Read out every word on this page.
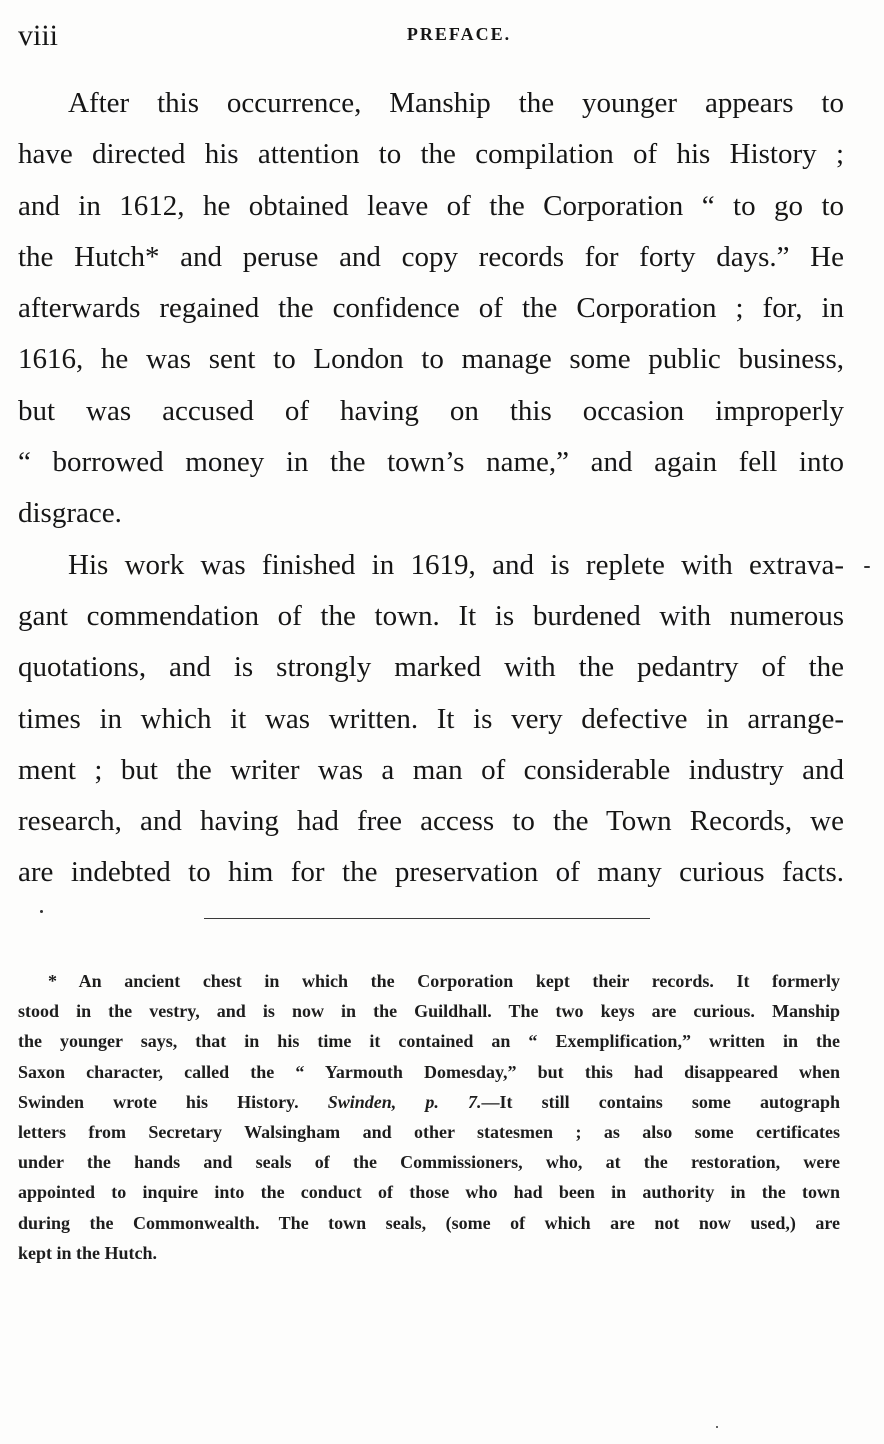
viii	PREFACE.
After this occurrence, Manship the younger appears to
have directed his attention to the compilation of his History ;
and in 1612, he obtained leave of the Corporation “ to go to
the Hutch* and peruse and copy records for forty days.” He
afterwards regained the confidence of the Corporation ; for, in
1616, he was sent to London to manage some public business,
but was accused of having on this occasion improperly
“ borrowed money in the town’s name,” and again fell into
disgrace.
His work was finished in 1619, and is replete with extrava-
gant commendation of the town. It is burdened with numerous
quotations, and is strongly marked with the pedantry of the
times in which it was written. It is very defective in arrange-
ment ; but the writer was a man of considerable industry and
research, and having had free access to the Town Records, we
are indebted to him for the preservation of many curious facts.
* An ancient chest in which the Corporation kept their records. It formerly
stood in the vestry, and is now in the Guildhall. The two keys are curious. Manship
the younger says, that in his time it contained an “ Exemplification,” written in the
Saxon character, called the “ Yarmouth Domesday,” but this had disappeared when
Swinden wrote his History. Swinden, p. 7.—It still contains some autograph
letters from Secretary Walsingham and other statesmen ; as also some certificates
under the hands and seals of the Commissioners, who, at the restoration, were
appointed to inquire into the conduct of those who had been in authority in the town
during the Commonwealth. The town seals, (some of which are not now used,) are
kept in the Hutch.
